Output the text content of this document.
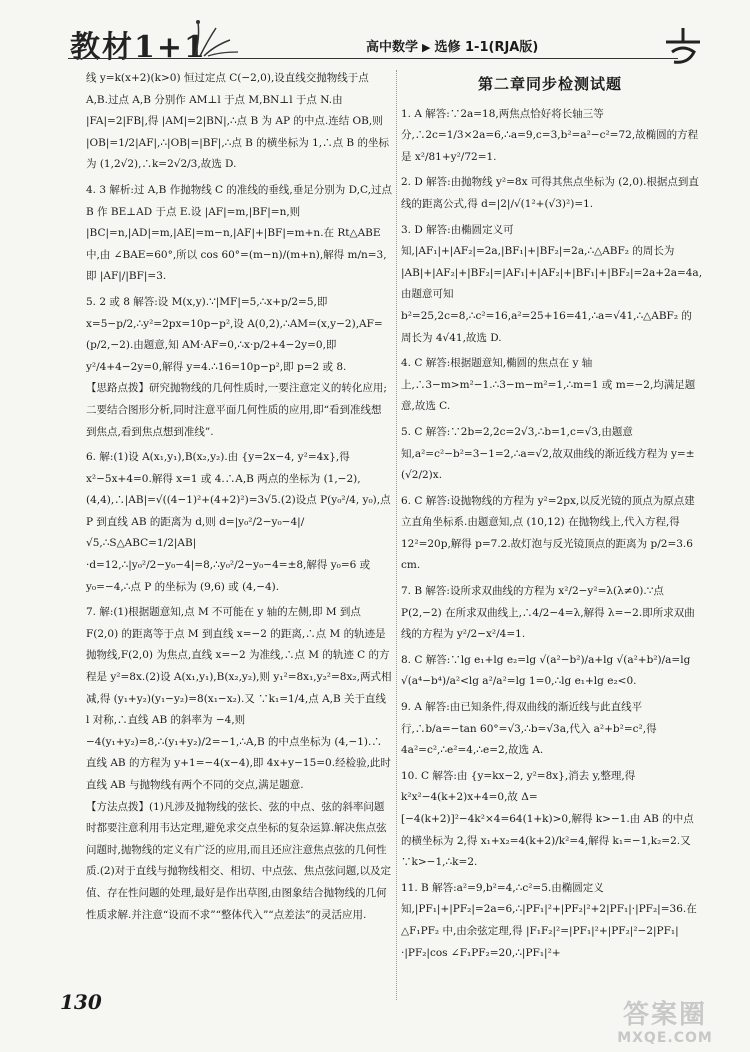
教材1+1	高中数学 ▶ 选修 1-1(RJA版)

线 y=k(x+2)(k>0) 恒过定点 C(−2,0),设直线交抛物线于点 A,B.过点 A,B 分别作 AM⊥l 于点 M,BN⊥l 于点 N.由 |FA|=2|FB|,得 |AM|=2|BN|,∴点 B 为 AP 的中点.连结 OB,则 |OB|=1/2|AF|,∴|OB|=|BF|,∴点 B 的横坐标为 1,∴点 B 的坐标为 (1,2√2),∴k=2√2/3,故选 D.

4. 3 解析:过 A,B 作抛物线 C 的准线的垂线,垂足分别为 D,C,过点 B 作 BE⊥AD 于点 E.设 |AF|=m,|BF|=n,则 |BC|=n,|AD|=m,|AE|=m−n,|AF|+|BF|=m+n.在 Rt△ABE 中,由 ∠BAE=60°,所以 cos 60°=(m−n)/(m+n),解得 m/n=3,即 |AF|/|BF|=3.

5. 2 或 8 解答:设 M(x,y).∵|MF|=5,∴x+p/2=5,即 x=5−p/2,∴y²=2px=10p−p²,设 A(0,2),∴AM=(x,y−2),AF=(p/2,−2).由题意,知 AM·AF=0,∴x·p/2+4−2y=0,即 y²/4+4−2y=0,解得 y=4.∴16=10p−p²,即 p=2 或 8.

【思路点拨】研究抛物线的几何性质时,一要注意定义的转化应用;二要结合图形分析,同时注意平面几何性质的应用,即“看到准线想到焦点,看到焦点想到准线”.

6. 解:(1)设 A(x₁,y₁),B(x₂,y₂).由 {y=2x−4, y²=4x},得 x²−5x+4=0.解得 x=1 或 4.∴A,B 两点的坐标为 (1,−2),(4,4),∴|AB|=√((4−1)²+(4+2)²)=3√5.(2)设点 P(y₀²/4, y₀),点 P 到直线 AB 的距离为 d,则 d=|y₀²/2−y₀−4|/√5,∴S△ABC=1/2|AB|·d=12,∴|y₀²/2−y₀−4|=8,∴y₀²/2−y₀−4=±8,解得 y₀=6 或 y₀=−4,∴点 P 的坐标为 (9,6) 或 (4,−4).

7. 解:(1)根据题意知,点 M 不可能在 y 轴的左侧,即 M 到点 F(2,0) 的距离等于点 M 到直线 x=−2 的距离,∴点 M 的轨迹是抛物线,F(2,0) 为焦点,直线 x=−2 为准线,∴点 M 的轨迹 C 的方程是 y²=8x.(2)设 A(x₁,y₁),B(x₂,y₂),则 y₁²=8x₁,y₂²=8x₂,两式相减,得 (y₁+y₂)(y₁−y₂)=8(x₁−x₂).又 ∵k₁=1/4,点 A,B 关于直线 l 对称,∴直线 AB 的斜率为 −4,则 −4(y₁+y₂)=8,∴(y₁+y₂)/2=−1,∴A,B 的中点坐标为 (4,−1).∴直线 AB 的方程为 y+1=−4(x−4),即 4x+y−15=0.经检验,此时直线 AB 与抛物线有两个不同的交点,满足题意.

【方法点拨】(1)凡涉及抛物线的弦长、弦的中点、弦的斜率问题时都要注意利用韦达定理,避免求交点坐标的复杂运算.解决焦点弦问题时,抛物线的定义有广泛的应用,而且还应注意焦点弦的几何性质.(2)对于直线与抛物线相交、相切、中点弦、焦点弦问题,以及定值、存在性问题的处理,最好是作出草图,由图象结合抛物线的几何性质求解.并注意“设而不求”“整体代入”“点差法”的灵活应用.

第二章同步检测试题

1. A 解答:∵2a=18,两焦点恰好将长轴三等分,∴2c=1/3×2a=6,∴a=9,c=3,b²=a²−c²=72,故椭圆的方程是 x²/81+y²/72=1.

2. D 解答:由抛物线 y²=8x 可得其焦点坐标为 (2,0).根据点到直线的距离公式,得 d=|2|/√(1²+(√3)²)=1.

3. D 解答:由椭圆定义可知,|AF₁|+|AF₂|=2a,|BF₁|+|BF₂|=2a,∴△ABF₂ 的周长为 |AB|+|AF₂|+|BF₂|=|AF₁|+|AF₂|+|BF₁|+|BF₂|=2a+2a=4a,由题意可知 b²=25,2c=8,∴c²=16,a²=25+16=41,∴a=√41,∴△ABF₂ 的周长为 4√41,故选 D.

4. C 解答:根据题意知,椭圆的焦点在 y 轴上,∴3−m>m²−1.∴3−m−m²=1,∴m=1 或 m=−2,均满足题意,故选 C.

5. C 解答:∵2b=2,2c=2√3,∴b=1,c=√3,由题意知,a²=c²−b²=3−1=2,∴a=√2,故双曲线的渐近线方程为 y=±(√2/2)x.

6. C 解答:设抛物线的方程为 y²=2px,以反光镜的顶点为原点建立直角坐标系.由题意知,点 (10,12) 在抛物线上,代入方程,得 12²=20p,解得 p=7.2.故灯泡与反光镜顶点的距离为 p/2=3.6 cm.

7. B 解答:设所求双曲线的方程为 x²/2−y²=λ(λ≠0).∵点 P(2,−2) 在所求双曲线上,∴4/2−4=λ,解得 λ=−2.即所求双曲线的方程为 y²/2−x²/4=1.

8. C 解答:∵lg e₁+lg e₂=lg √(a²−b²)/a+lg √(a²+b²)/a=lg √(a⁴−b⁴)/a²<lg a²/a²=lg 1=0,∴lg e₁+lg e₂<0.

9. A 解答:由已知条件,得双曲线的渐近线与此直线平行,∴b/a=−tan 60°=√3,∴b=√3a,代入 a²+b²=c²,得 4a²=c²,∴e²=4,∴e=2,故选 A.

10. C 解答:由 {y=kx−2, y²=8x},消去 y,整理,得 k²x²−4(k+2)x+4=0,故 Δ=[−4(k+2)]²−4k²×4=64(1+k)>0,解得 k>−1.由 AB 的中点的横坐标为 2,得 x₁+x₂=4(k+2)/k²=4,解得 k₁=−1,k₂=2.又 ∵k>−1,∴k=2.

11. B 解答:a²=9,b²=4,∴c²=5.由椭圆定义知,|PF₁|+|PF₂|=2a=6,∴|PF₁|²+|PF₂|²+2|PF₁|·|PF₂|=36.在 △F₁PF₂ 中,由余弦定理,得 |F₁F₂|²=|PF₁|²+|PF₂|²−2|PF₁|·|PF₂|cos ∠F₁PF₂=20,∴|PF₁|²+

130	答案圈
MXQE.COM
